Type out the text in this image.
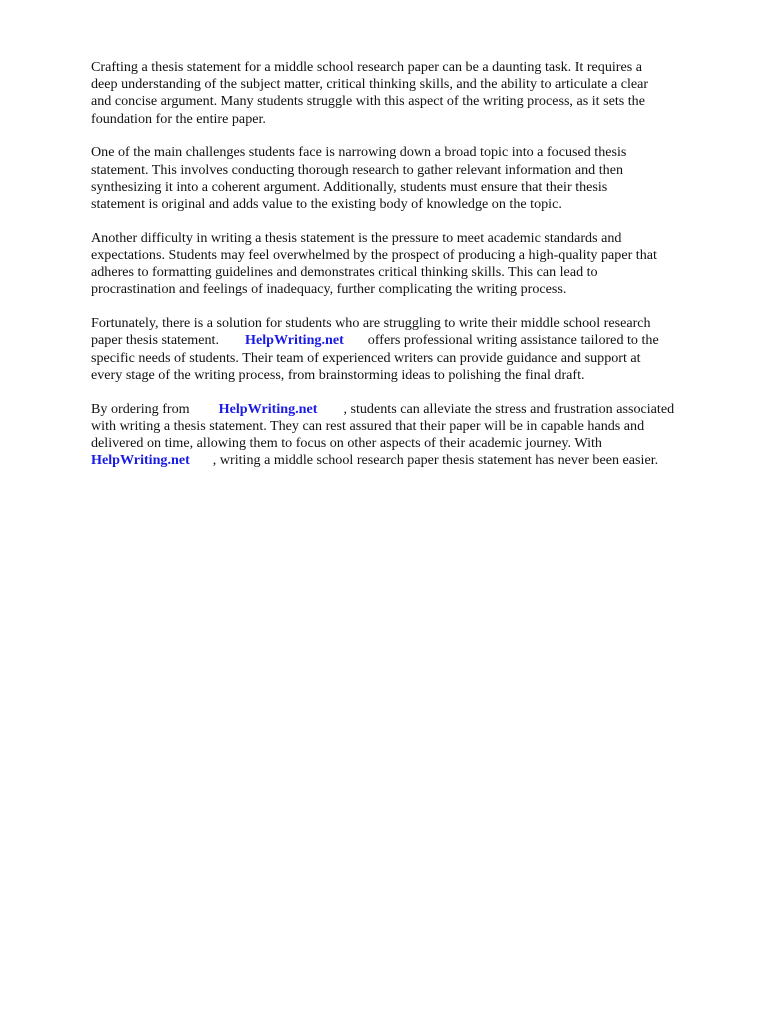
Crafting a thesis statement for a middle school research paper can be a daunting task. It requires a
deep understanding of the subject matter, critical thinking skills, and the ability to articulate a clear
and concise argument. Many students struggle with this aspect of the writing process, as it sets the
foundation for the entire paper.

One of the main challenges students face is narrowing down a broad topic into a focused thesis
statement. This involves conducting thorough research to gather relevant information and then
synthesizing it into a coherent argument. Additionally, students must ensure that their thesis
statement is original and adds value to the existing body of knowledge on the topic.

Another difficulty in writing a thesis statement is the pressure to meet academic standards and
expectations. Students may feel overwhelmed by the prospect of producing a high-quality paper that
adheres to formatting guidelines and demonstrates critical thinking skills. This can lead to
procrastination and feelings of inadequacy, further complicating the writing process.

Fortunately, there is a solution for students who are struggling to write their middle school research
paper thesis statement. HelpWriting.net offers professional writing assistance tailored to the
specific needs of students. Their team of experienced writers can provide guidance and support at
every stage of the writing process, from brainstorming ideas to polishing the final draft.

By ordering from HelpWriting.net , students can alleviate the stress and frustration associated
with writing a thesis statement. They can rest assured that their paper will be in capable hands and
delivered on time, allowing them to focus on other aspects of their academic journey. With
HelpWriting.net , writing a middle school research paper thesis statement has never been easier.
